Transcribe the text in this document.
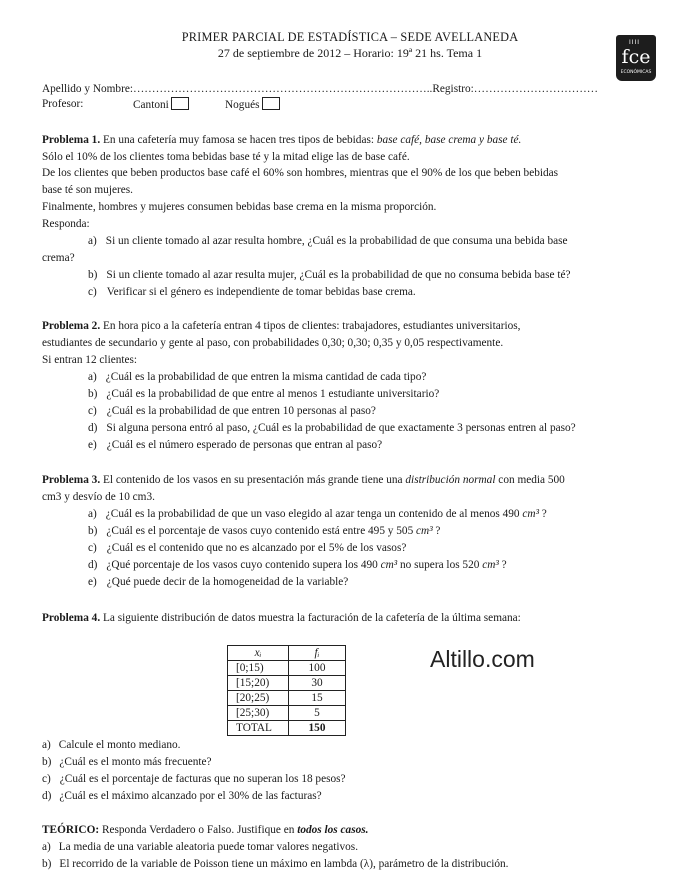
PRIMER PARCIAL DE ESTADÍSTICA – SEDE AVELLANEDA
27 de septiembre de 2012 – Horario: 19ª 21 hs. Tema 1
IIII
fce
ECONÓMICAS
Apellido y Nombre:……………………………………………………………………..Registro:……………………………
Profesor:	Cantoni	Nogués
Problema 1. En una cafetería muy famosa se hacen tres tipos de bebidas: base café, base crema y base té.
Sólo el 10% de los clientes toma bebidas base té y la mitad elige las de base café.
De los clientes que beben productos base café el 60% son hombres, mientras que el 90% de los que beben bebidas
base té son mujeres.
Finalmente, hombres y mujeres consumen bebidas base crema en la misma proporción.
Responda:
a) Si un cliente tomado al azar resulta hombre, ¿Cuál es la probabilidad de que consuma una bebida base
crema?
b) Si un cliente tomado al azar resulta mujer, ¿Cuál es la probabilidad de que no consuma bebida base té?
c) Verificar si el género es independiente de tomar bebidas base crema.
Problema 2. En hora pico a la cafetería entran 4 tipos de clientes: trabajadores, estudiantes universitarios,
estudiantes de secundario y gente al paso, con probabilidades 0,30; 0,30; 0,35 y 0,05 respectivamente.
Si entran 12 clientes:
a) ¿Cuál es la probabilidad de que entren la misma cantidad de cada tipo?
b) ¿Cuál es la probabilidad de que entre al menos 1 estudiante universitario?
c) ¿Cuál es la probabilidad de que entren 10 personas al paso?
d) Si alguna persona entró al paso, ¿Cuál es la probabilidad de que exactamente 3 personas entren al paso?
e) ¿Cuál es el número esperado de personas que entran al paso?
Problema 3. El contenido de los vasos en su presentación más grande tiene una distribución normal con media 500
cm3 y desvío de 10 cm3.
a) ¿Cuál es la probabilidad de que un vaso elegido al azar tenga un contenido de al menos 490 cm³ ?
b) ¿Cuál es el porcentaje de vasos cuyo contenido está entre 495 y 505 cm³ ?
c) ¿Cuál es el contenido que no es alcanzado por el 5% de los vasos?
d) ¿Qué porcentaje de los vasos cuyo contenido supera los 490 cm³ no supera los 520 cm³ ?
e) ¿Qué puede decir de la homogeneidad de la variable?
Problema 4. La siguiente distribución de datos muestra la facturación de la cafetería de la última semana:
xᵢ	fᵢ
[0;15)	100
[15;20)	30
[20;25)	15
[25;30)	5
TOTAL	150
Altillo.com
a) Calcule el monto mediano.
b) ¿Cuál es el monto más frecuente?
c) ¿Cuál es el porcentaje de facturas que no superan los 18 pesos?
d) ¿Cuál es el máximo alcanzado por el 30% de las facturas?
TEÓRICO: Responda Verdadero o Falso. Justifique en todos los casos.
a) La media de una variable aleatoria puede tomar valores negativos.
b) El recorrido de la variable de Poisson tiene un máximo en lambda (λ), parámetro de la distribución.
